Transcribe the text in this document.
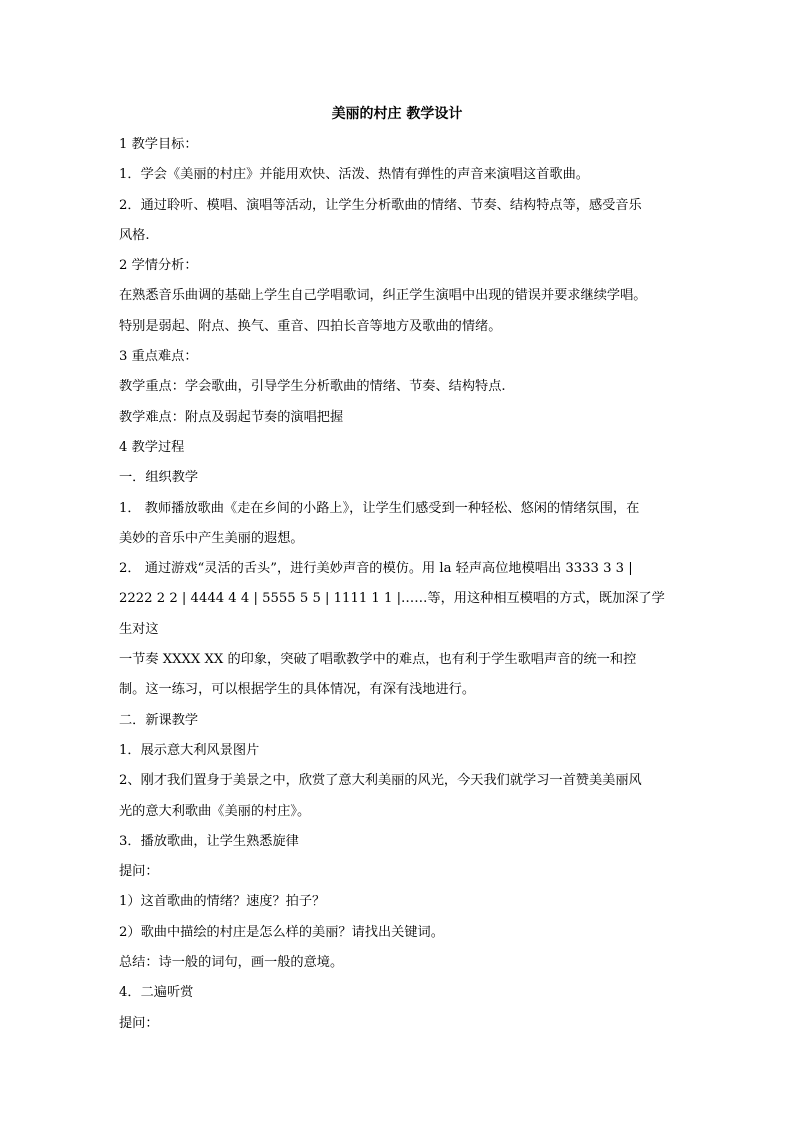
美丽的村庄 教学设计

1 教学目标：

1．学会《美丽的村庄》并能用欢快、活泼、热情有弹性的声音来演唱这首歌曲。

2．通过聆听、模唱、演唱等活动，让学生分析歌曲的情绪、节奏、结构特点等，感受音乐

风格.

2 学情分析：

在熟悉音乐曲调的基础上学生自己学唱歌词，纠正学生演唱中出现的错误并要求继续学唱。

特别是弱起、附点、换气、重音、四拍长音等地方及歌曲的情绪。

3 重点难点：

教学重点：学会歌曲，引导学生分析歌曲的情绪、节奏、结构特点.

教学难点：附点及弱起节奏的演唱把握

4 教学过程

一．组织教学

1． 教师播放歌曲《走在乡间的小路上》，让学生们感受到一种轻松、悠闲的情绪氛围，在

美妙的音乐中产生美丽的遐想。

2． 通过游戏“灵活的舌头”，进行美妙声音的模仿。用 la 轻声高位地模唱出 3333 3 3 |

2222 2 2 | 4444 4 4 | 5555 5 5 | 1111 1 1 |……等，用这种相互模唱的方式，既加深了学生对这

一节奏 XXXX XX 的印象，突破了唱歌教学中的难点，也有利于学生歌唱声音的统一和控

制。这一练习，可以根据学生的具体情况，有深有浅地进行。

二．新课教学

1．展示意大利风景图片

2、刚才我们置身于美景之中，欣赏了意大利美丽的风光，今天我们就学习一首赞美美丽风

光的意大利歌曲《美丽的村庄》。

3．播放歌曲，让学生熟悉旋律

提问：

1）这首歌曲的情绪？速度？拍子？

2）歌曲中描绘的村庄是怎么样的美丽？请找出关键词。

总结：诗一般的词句，画一般的意境。

4．二遍听赏

提问：
